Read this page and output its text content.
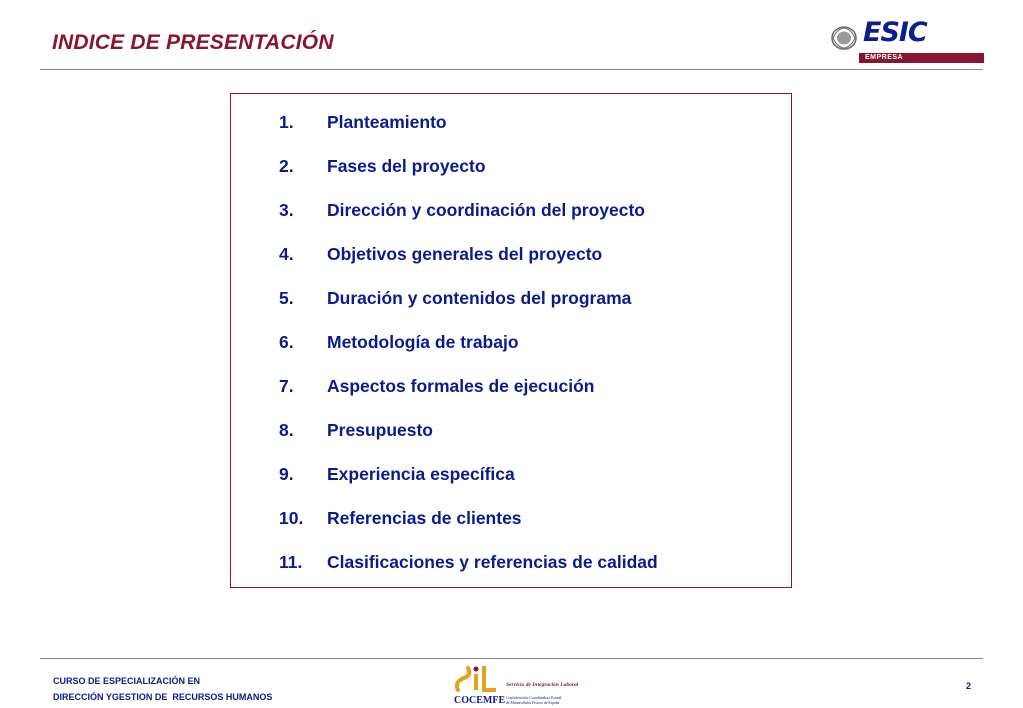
INDICE DE PRESENTACIÓN	ESIC
EMPRESA
1.	Planteamiento
2.	Fases del proyecto
3.	Dirección y coordinación del proyecto
4.	Objetivos generales del proyecto
5.	Duración y contenidos del programa
6.	Metodología de trabajo
7.	Aspectos formales de ejecución
8.	Presupuesto
9.	Experiencia específica
10.	Referencias de clientes
11.	Clasificaciones y referencias de calidad
CURSO DE ESPECIALIZACIÓN EN
DIRECCIÓN YGESTION DE  RECURSOS HUMANOS
Servicio de Integración Laboral
COCEMFE Confederación Coordinadora Estatal
de Minusválidos Físicos de España
2
